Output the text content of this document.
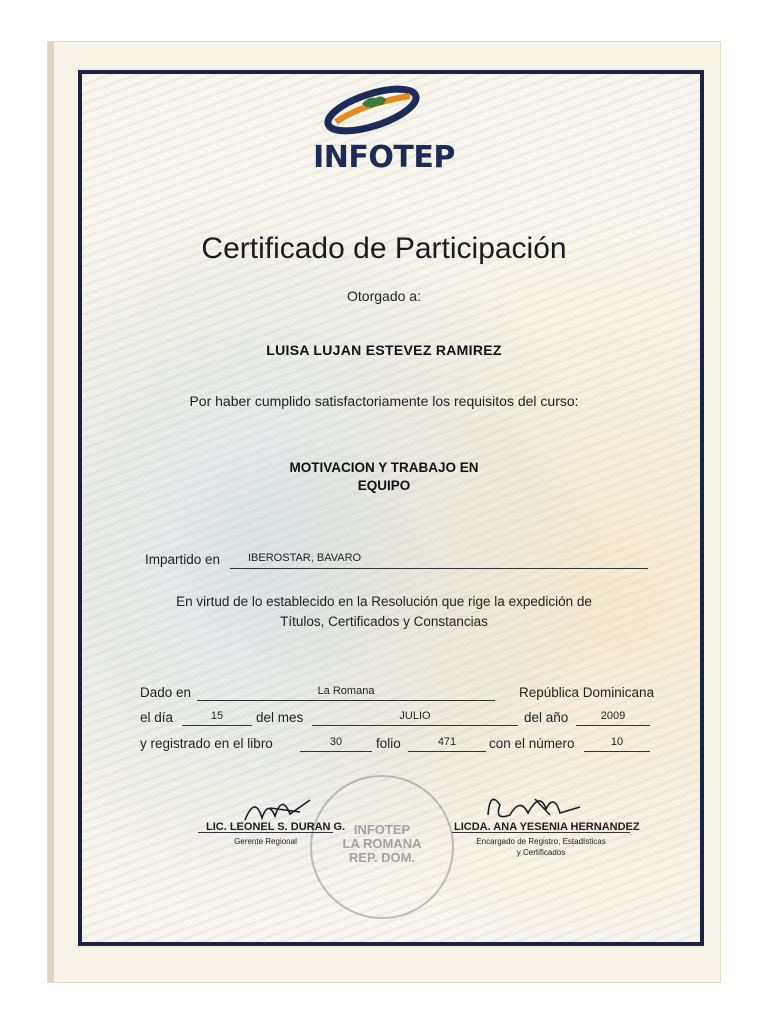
INFOTEP
Certificado de Participación
Otorgado a:
LUISA LUJAN ESTEVEZ RAMIREZ
Por haber cumplido satisfactoriamente los requisitos del curso:
MOTIVACION Y TRABAJO EN
EQUIPO
Impartido en	IBEROSTAR, BAVARO
En virtud de lo establecido en la Resolución que rige la expedición de
Títulos, Certificados y Constancias
Dado en	La Romana	República Dominicana
el día	15	del mes	JULIO	del año	2009
y registrado en el libro	30	folio	471	con el número	10
INFOTEP
LA ROMANA
REP. DOM.
LIC. LEONEL S. DURAN G.
Gerente Regional
LICDA. ANA YESENIA HERNANDEZ
Encargado de Registro, Estadísticas
y Certificados
